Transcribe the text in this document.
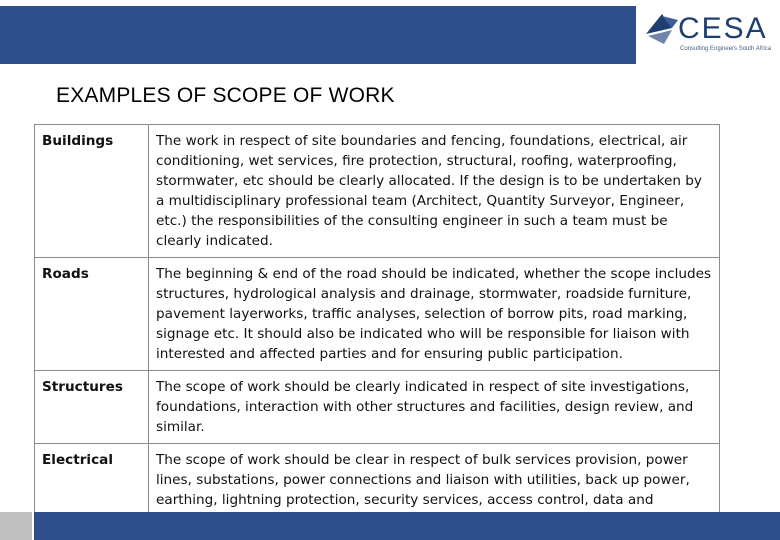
CESA
Consulting Engineers South Africa
EXAMPLES OF SCOPE OF WORK
Buildings	The work in respect of site boundaries and fencing, foundations, electrical, air conditioning, wet services, fire protection, structural, roofing, waterproofing, stormwater, etc should be clearly allocated. If the design is to be undertaken by a multidisciplinary professional team (Architect, Quantity Surveyor, Engineer, etc.) the responsibilities of the consulting engineer in such a team must be clearly indicated.
Roads	The beginning & end of the road should be indicated, whether the scope includes structures, hydrological analysis and drainage, stormwater, roadside furniture, pavement layerworks, traffic analyses, selection of borrow pits, road marking, signage etc. It should also be indicated who will be responsible for liaison with interested and affected parties and for ensuring public participation.
Structures	The scope of work should be clearly indicated in respect of site investigations, foundations, interaction with other structures and facilities, design review, and similar.
Electrical	The scope of work should be clear in respect of bulk services provision, power lines, substations, power connections and liaison with utilities, back up power, earthing, lightning protection, security services, access control, data and
